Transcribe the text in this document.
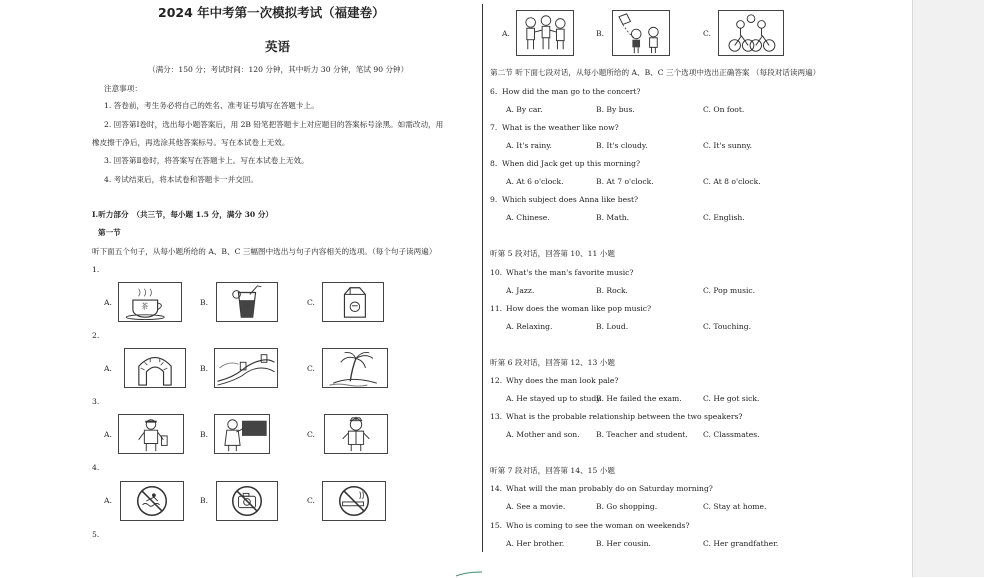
2024 年中考第一次模拟考试（福建卷）
英语
（满分：150 分；考试时间：120 分钟，其中听力 30 分钟，笔试 90 分钟）
注意事项：
1. 答卷前，考生务必将自己的姓名、准考证号填写在答题卡上。
2. 回答第Ⅰ卷时，选出每小题答案后，用 2B 铅笔把答题卡上对应题目的答案标号涂黑。如需改动，用
橡皮擦干净后，再选涂其他答案标号。写在本试卷上无效。
3. 回答第Ⅱ卷时，将答案写在答题卡上。写在本试卷上无效。
4. 考试结束后，将本试卷和答题卡一并交回。
Ⅰ.听力部分　（共三节，每小题 1.5 分，满分 30 分）
第一节
听下面五个句子，从每小题所给的 A、B、C 三幅图中选出与句子内容相关的选项。（每个句子读两遍）
1.
A.	茶	B.	C.
2.
A.	B.	C.
3.
A.	B.	C.
4.
A.	B.	C.
5.
A.	B.	C.
第二节 听下面七段对话，从每小题所给的 A、B、C 三个选项中选出正确答案 （每段对话读两遍）
6. How did the man go to the concert?
A. By car.	B. By bus.	C. On foot.
7. What is the weather like now?
A. It's rainy.	B. It's cloudy.	C. It's sunny.
8. When did Jack get up this morning?
A. At 6 o'clock.	B. At 7 o'clock.	C. At 8 o'clock.
9. Which subject does Anna like best?
A. Chinese.	B. Math.	C. English.
听第 5 段对话，回答第 10、11 小题
10. What's the man's favorite music?
A. Jazz.	B. Rock.	C. Pop music.
11. How does the woman like pop music?
A. Relaxing.	B. Loud.	C. Touching.
听第 6 段对话，回答第 12、13 小题
12. Why does the man look pale?
A. He stayed up to study.
B. He failed the exam.	C. He got sick.
13. What is the probable relationship between the two speakers?
A. Mother and son. B. Teacher and student. C. Classmates.
听第 7 段对话，回答第 14、15 小题
14. What will the man probably do on Saturday morning?
A. See a movie.	B. Go shopping.	C. Stay at home.
15. Who is coming to see the woman on weekends?
A. Her brother.	B. Her cousin.	C. Her grandfather.
